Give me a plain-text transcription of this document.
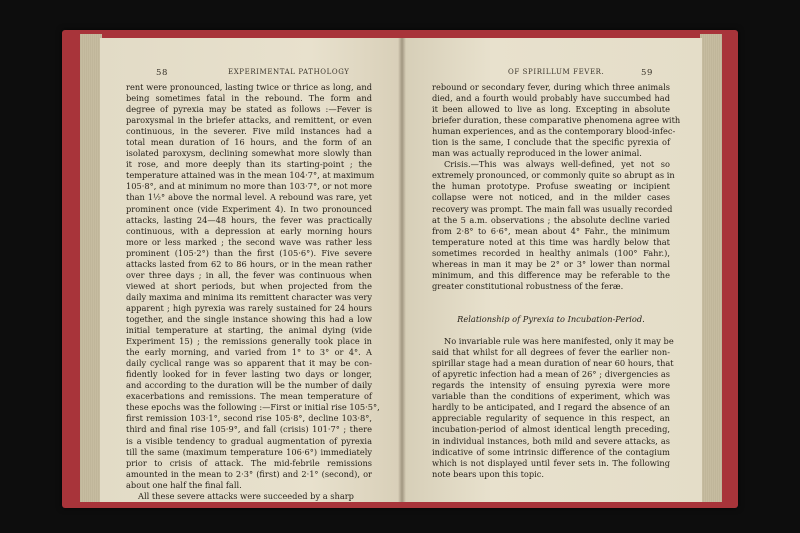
58	EXPERIMENTAL PATHOLOGY
rent were pronounced, lasting twice or thrice as long, and
being sometimes fatal in the rebound. The form and
degree of pyrexia may be stated as follows :—Fever is
paroxysmal in the briefer attacks, and remittent, or even
continuous, in the severer. Five mild instances had a
total mean duration of 16 hours, and the form of an
isolated paroxysm, declining somewhat more slowly than
it rose, and more deeply than its starting-point ; the
temperature attained was in the mean 104·7°, at maximum
105·8°, and at minimum no more than 103·7°, or not more
than 1½° above the normal level. A rebound was rare, yet
prominent once (vide Experiment 4). In two pronounced
attacks, lasting 24—48 hours, the fever was practically
continuous, with a depression at early morning hours
more or less marked ; the second wave was rather less
prominent (105·2°) than the first (105·6°). Five severe
attacks lasted from 62 to 86 hours, or in the mean rather
over three days ; in all, the fever was continuous when
viewed at short periods, but when projected from the
daily maxima and minima its remittent character was very
apparent ; high pyrexia was rarely sustained for 24 hours
together, and the single instance showing this had a low
initial temperature at starting, the animal dying (vide
Experiment 15) ; the remissions generally took place in
the early morning, and varied from 1° to 3° or 4°. A
daily cyclical range was so apparent that it may be con-
fidently looked for in fever lasting two days or longer,
and according to the duration will be the number of daily
exacerbations and remissions. The mean temperature of
these epochs was the following :—First or initial rise 105·5°,
first remission 103·1°, second rise 105·8°, decline 103·8°,
third and final rise 105·9°, and fall (crisis) 101·7° ; there
is a visible tendency to gradual augmentation of pyrexia
till the same (maximum temperature 106·6°) immediately
prior to crisis of attack. The mid-febrile remissions
amounted in the mean to 2·3° (first) and 2·1° (second), or
about one half the final fall.
All these severe attacks were succeeded by a sharp
OF SPIRILLUM FEVER.	59
rebound or secondary fever, during which three animals
died, and a fourth would probably have succumbed had
it been allowed to live as long. Excepting in absolute
briefer duration, these comparative phenomena agree with
human experiences, and as the contemporary blood-infec-
tion is the same, I conclude that the specific pyrexia of
man was actually reproduced in the lower animal.
Crisis.—This was always well-defined, yet not so
extremely pronounced, or commonly quite so abrupt as in
the human prototype. Profuse sweating or incipient
collapse were not noticed, and in the milder cases
recovery was prompt. The main fall was usually recorded
at the 5 a.m. observations ; the absolute decline varied
from 2·8° to 6·6°, mean about 4° Fahr., the minimum
temperature noted at this time was hardly below that
sometimes recorded in healthy animals (100° Fahr.),
whereas in man it may be 2° or 3° lower than normal
minimum, and this difference may be referable to the
greater constitutional robustness of the feræ.
Relationship of Pyrexia to Incubation-Period.
No invariable rule was here manifested, only it may be
said that whilst for all degrees of fever the earlier non-
spirillar stage had a mean duration of near 60 hours, that
of apyretic infection had a mean of 26° ; divergencies as
regards the intensity of ensuing pyrexia were more
variable than the conditions of experiment, which was
hardly to be anticipated, and I regard the absence of an
appreciable regularity of sequence in this respect, an
incubation-period of almost identical length preceding,
in individual instances, both mild and severe attacks, as
indicative of some intrinsic difference of the contagium
which is not displayed until fever sets in. The following
note bears upon this topic.
